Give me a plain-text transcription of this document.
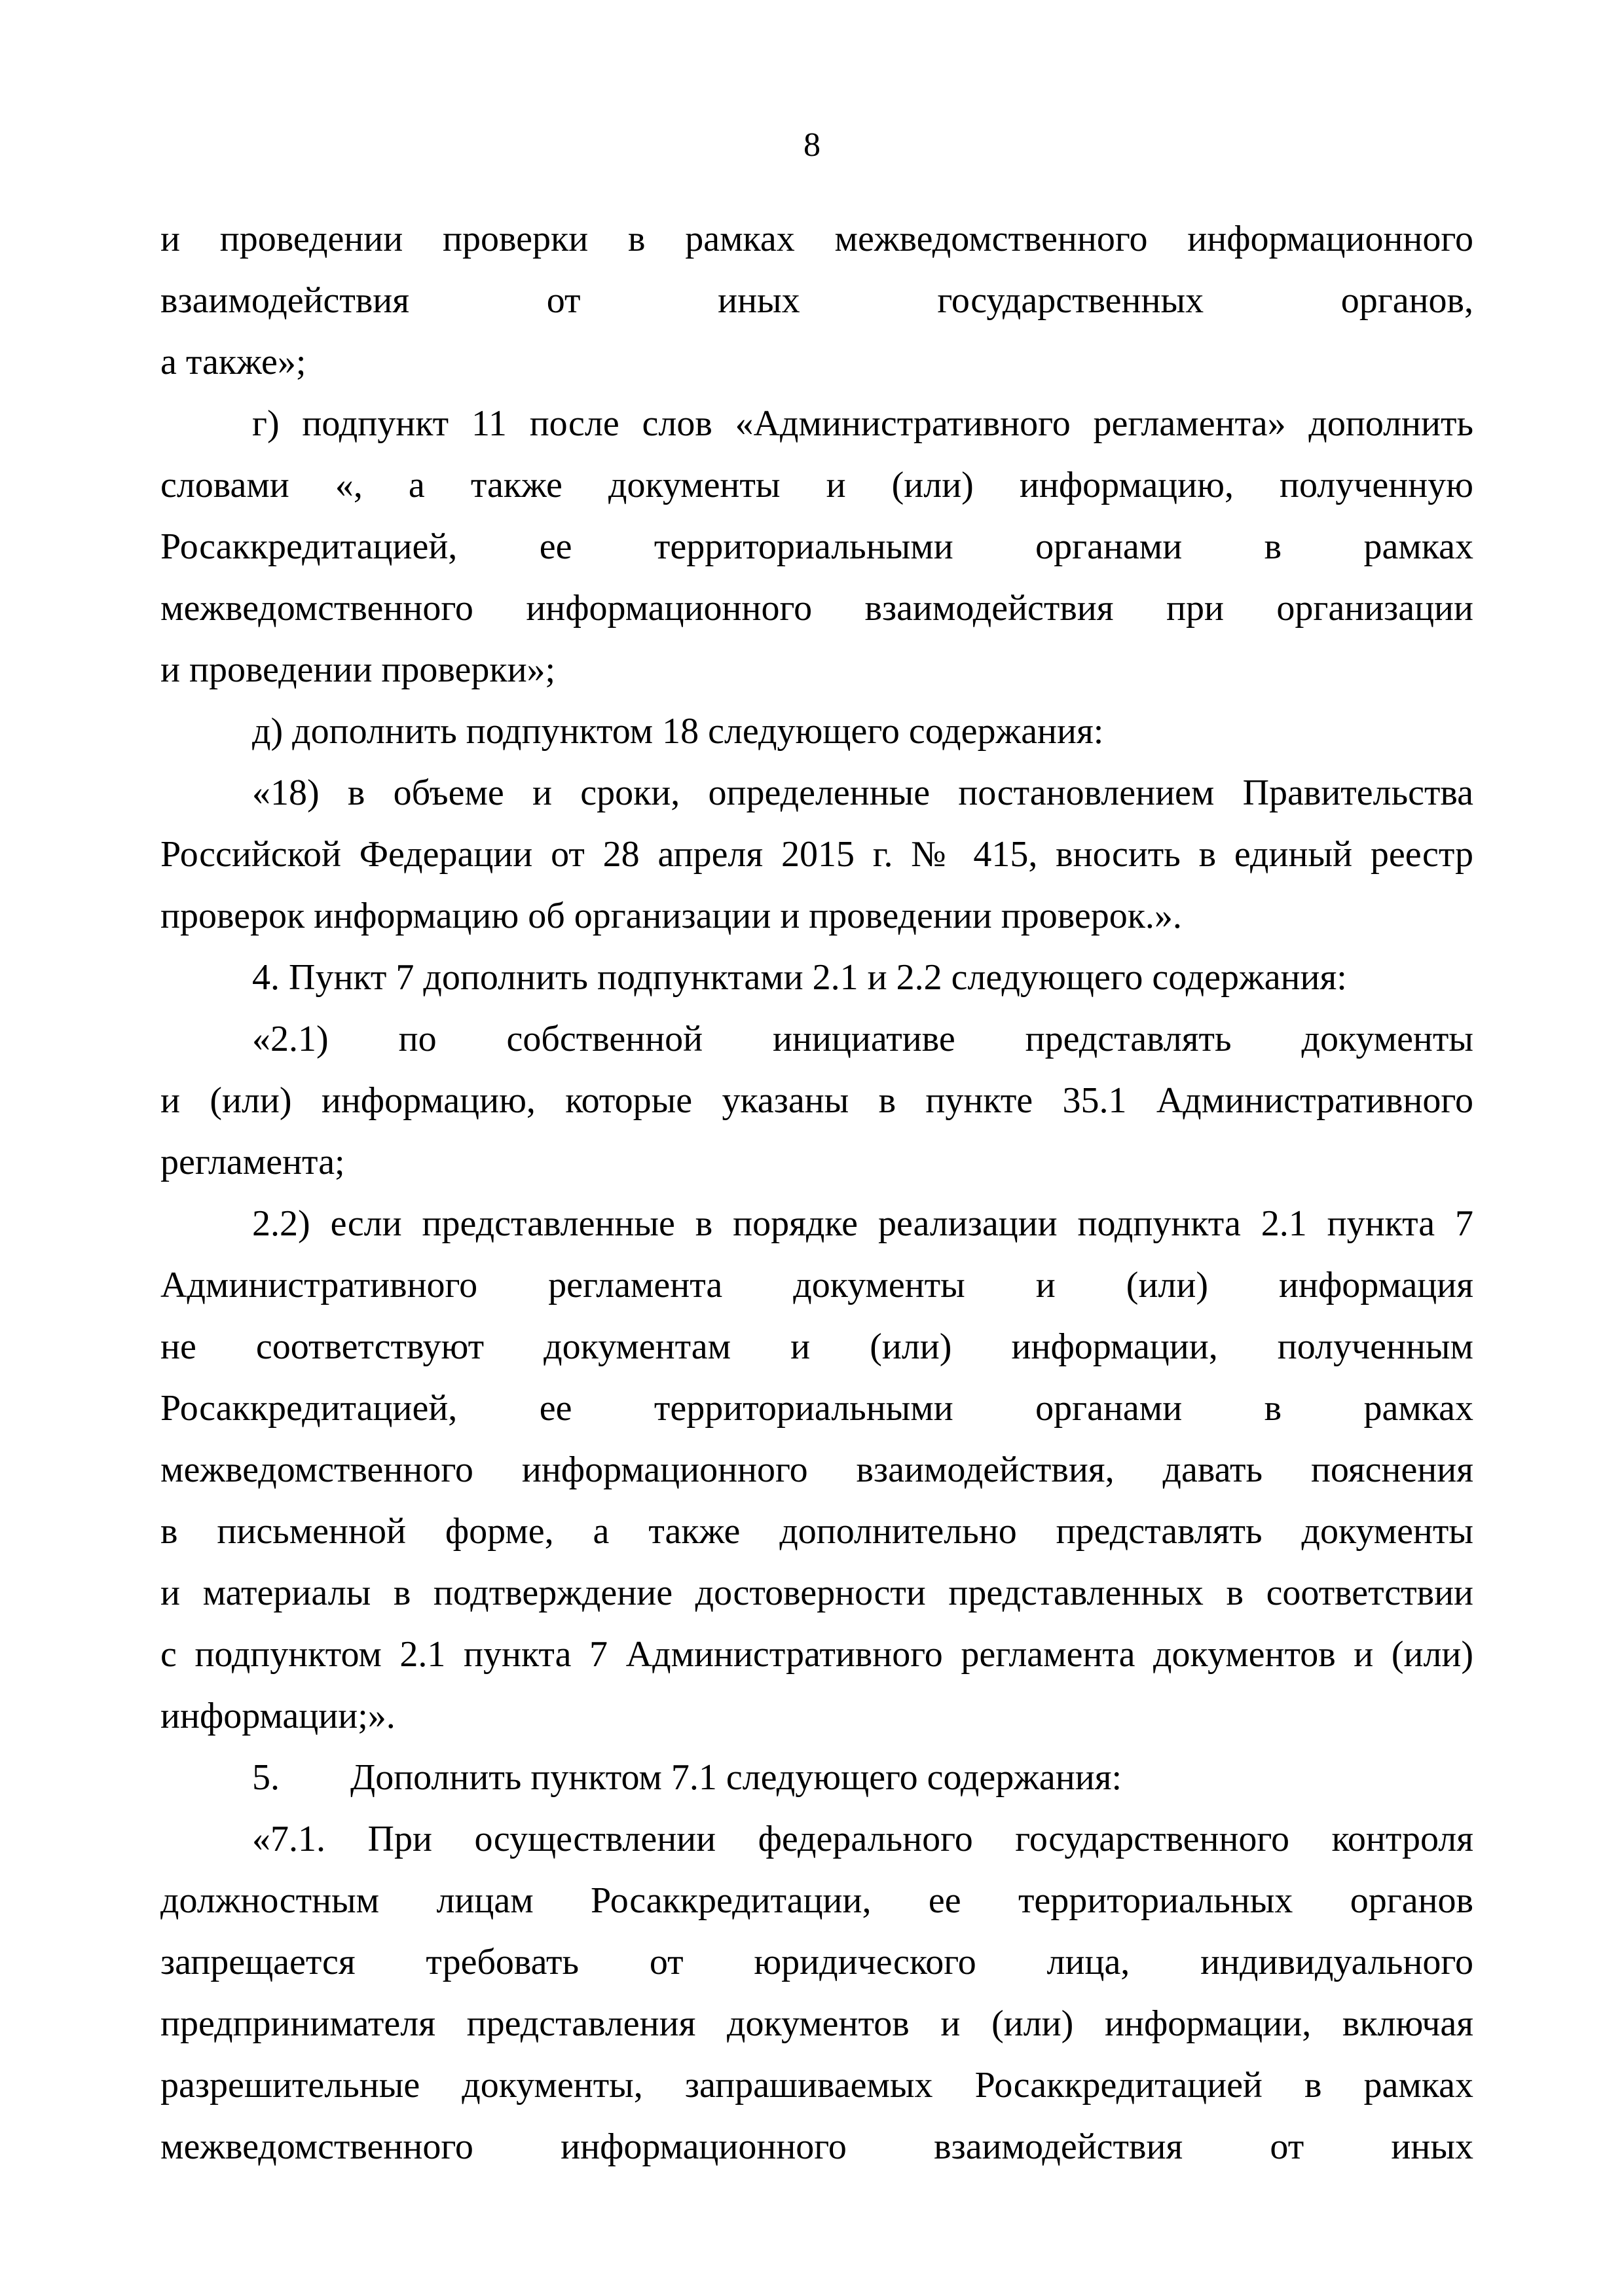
8
и проведении проверки в рамках межведомственного информационного
взаимодействия от иных государственных органов,
а также»;
г) подпункт 11 после слов «Административного регламента» дополнить
словами «, а также документы и (или) информацию, полученную
Росаккредитацией, ее территориальными органами в рамках
межведомственного информационного взаимодействия при организации
и проведении проверки»;
д) дополнить подпунктом 18 следующего содержания:
«18) в объеме и сроки, определенные постановлением Правительства
Российской Федерации от 28 апреля 2015 г. № 415, вносить в единый реестр
проверок информацию об организации и проведении проверок.».
4. Пункт 7 дополнить подпунктами 2.1 и 2.2 следующего содержания:
«2.1) по собственной инициативе представлять документы
и (или) информацию, которые указаны в пункте 35.1 Административного
регламента;
2.2) если представленные в порядке реализации подпункта 2.1 пункта 7
Административного регламента документы и (или) информация
не соответствуют документам и (или) информации, полученным
Росаккредитацией, ее территориальными органами в рамках
межведомственного информационного взаимодействия, давать пояснения
в письменной форме, а также дополнительно представлять документы
и материалы в подтверждение достоверности представленных в соответствии
с подпунктом 2.1 пункта 7 Административного регламента документов и (или)
информации;».
5. Дополнить пунктом 7.1 следующего содержания:
«7.1. При осуществлении федерального государственного контроля
должностным лицам Росаккредитации, ее территориальных органов
запрещается требовать от юридического лица, индивидуального
предпринимателя представления документов и (или) информации, включая
разрешительные документы, запрашиваемых Росаккредитацией в рамках
межведомственного информационного взаимодействия от иных
